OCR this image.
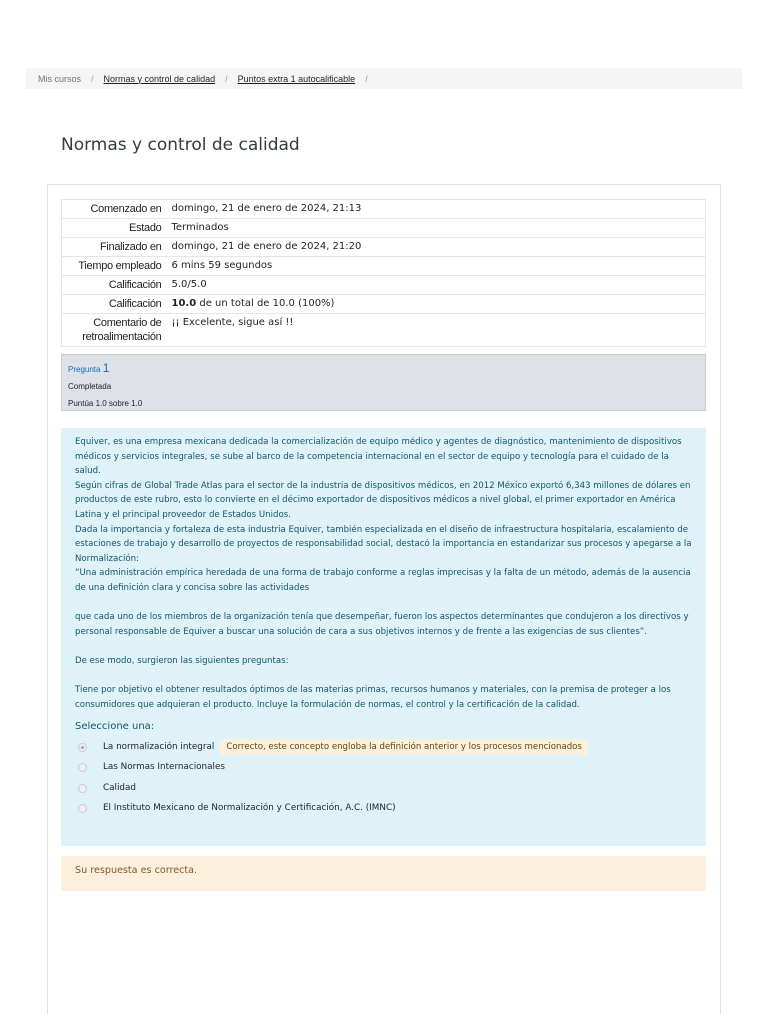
Mis cursos / Normas y control de calidad / Puntos extra 1 autocalificable /
Normas y control de calidad
Comenzado en	domingo, 21 de enero de 2024, 21:13
Estado	Terminados
Finalizado en	domingo, 21 de enero de 2024, 21:20
Tiempo empleado	6 mins 59 segundos
Calificación	5.0/5.0
Calificación	10.0 de un total de 10.0 (100%)
Comentario de retroalimentación	¡¡ Excelente, sigue así !!
Pregunta 1
Completada
Puntúa 1.0 sobre 1.0

Equiver, es una empresa mexicana dedicada la comercialización de equipo médico y agentes de diagnóstico, mantenimiento de dispositivos médicos y servicios integrales, se sube al barco de la competencia internacional en el sector de equipo y tecnología para el cuidado de la salud.

Según cifras de Global Trade Atlas para el sector de la industria de dispositivos médicos, en 2012 México exportó 6,343 millones de dólares en productos de este rubro, esto lo convierte en el décimo exportador de dispositivos médicos a nivel global, el primer exportador en América Latina y el principal proveedor de Estados Unidos.

Dada la importancia y fortaleza de esta industria Equiver, también especializada en el diseño de infraestructura hospitalaria, escalamiento de estaciones de trabajo y desarrollo de proyectos de responsabilidad social, destacó la importancia en estandarizar sus procesos y apegarse a la Normalización:

“Una administración empírica heredada de una forma de trabajo conforme a reglas imprecisas y la falta de un método, además de la ausencia de una definición clara y concisa sobre las actividades

que cada uno de los miembros de la organización tenía que desempeñar, fueron los aspectos determinantes que condujeron a los directivos y personal responsable de Equiver a buscar una solución de cara a sus objetivos internos y de frente a las exigencias de sus clientes”.

De ese modo, surgieron las siguientes preguntas:

Tiene por objetivo el obtener resultados óptimos de las materias primas, recursos humanos y materiales, con la premisa de proteger a los consumidores que adquieran el producto. Incluye la formulación de normas, el control y la certificación de la calidad.

Seleccione una:
La normalización integral	Correcto, este concepto engloba la definición anterior y los procesos mencionados
Las Normas Internacionales
Calidad
El Instituto Mexicano de Normalización y Certificación, A.C. (IMNC)
Su respuesta es correcta.
